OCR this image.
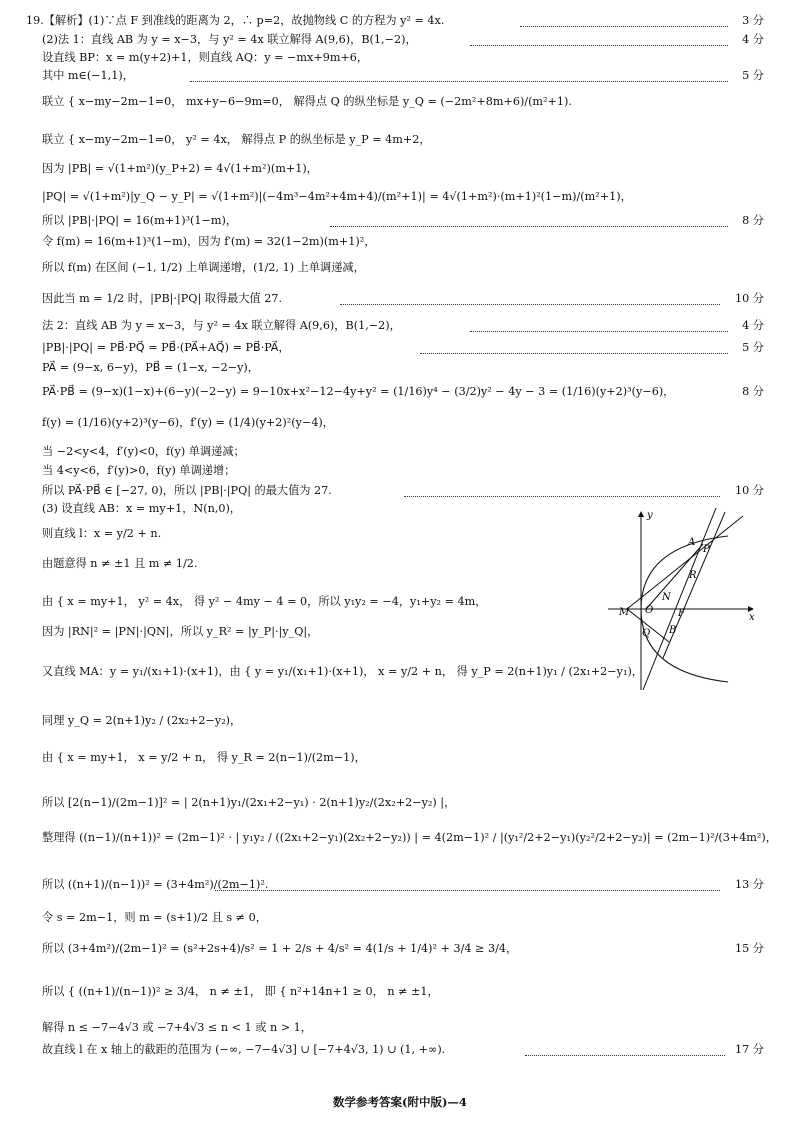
19.【解析】(1)∵点 F 到准线的距离为 2，∴ p=2，故抛物线 C 的方程为 y² = 4x.
(2)法 1：直线 AB 为 y = x−3，与 y² = 4x 联立解得 A(9,6)，B(1,−2)，
设直线 BP：x = m(y+2)+1，则直线 AQ：y = −mx+9m+6，
其中 m∈(−1,1)，
联立 { x−my−2m−1=0， mx+y−6−9m=0， 解得点 Q 的纵坐标是 y_Q = (−2m²+8m+6)/(m²+1).
联立 { x−my−2m−1=0， y² = 4x， 解得点 P 的纵坐标是 y_P = 4m+2，
因为 |PB| = √(1+m²)(y_P+2) = 4√(1+m²)(m+1)，
|PQ| = √(1+m²)|y_Q − y_P| = √(1+m²)|(−4m³−4m²+4m+4)/(m²+1)| = 4√(1+m²)·(m+1)²(1−m)/(m²+1)，
所以 |PB|·|PQ| = 16(m+1)³(1−m)，
令 f(m) = 16(m+1)³(1−m)，因为 f′(m) = 32(1−2m)(m+1)²，
所以 f(m) 在区间 (−1, 1/2) 上单调递增，(1/2, 1) 上单调递减，
因此当 m = 1/2 时，|PB|·|PQ| 取得最大值 27.
法 2：直线 AB 为 y = x−3，与 y² = 4x 联立解得 A(9,6)，B(1,−2)，
|PB|·|PQ| = PB⃗·PQ⃗ = PB⃗·(PA⃗+AQ⃗) = PB⃗·PA⃗，
PA⃗ = (9−x, 6−y)，PB⃗ = (1−x, −2−y)，
PA⃗·PB⃗ = (9−x)(1−x)+(6−y)(−2−y) = 9−10x+x²−12−4y+y² = (1/16)y⁴ − (3/2)y² − 4y − 3 = (1/16)(y+2)³(y−6)，
f(y) = (1/16)(y+2)³(y−6)，f′(y) = (1/4)(y+2)²(y−4)，
当 −2<y<4，f′(y)<0，f(y) 单调递减；
当 4<y<6，f′(y)>0，f(y) 单调递增；
所以 PA⃗·PB⃗ ∈ [−27, 0)，所以 |PB|·|PQ| 的最大值为 27.
(3) 设直线 AB：x = my+1，N(n,0)，
则直线 l：x = y/2 + n.
由题意得 n ≠ ±1 且 m ≠ 1/2.
由 { x = my+1， y² = 4x， 得 y² − 4my − 4 = 0，所以 y₁y₂ = −4，y₁+y₂ = 4m，
因为 |RN|² = |PN|·|QN|，所以 y_R² = |y_P|·|y_Q|，
又直线 MA：y = y₁/(x₁+1)·(x+1)，由 { y = y₁/(x₁+1)·(x+1)， x = y/2 + n， 得 y_P = 2(n+1)y₁ / (2x₁+2−y₁)，
同理 y_Q = 2(n+1)y₂ / (2x₂+2−y₂)，
由 { x = my+1， x = y/2 + n， 得 y_R = 2(n−1)/(2m−1)，
所以 [2(n−1)/(2m−1)]² = | 2(n+1)y₁/(2x₁+2−y₁) · 2(n+1)y₂/(2x₂+2−y₂) |，
整理得 ((n−1)/(n+1))² = (2m−1)² · | y₁y₂ / ((2x₁+2−y₁)(2x₂+2−y₂)) | = 4(2m−1)² / |(y₁²/2+2−y₁)(y₂²/2+2−y₂)| = (2m−1)²/(3+4m²)，
所以 ((n+1)/(n−1))² = (3+4m²)/(2m−1)².
令 s = 2m−1，则 m = (s+1)/2 且 s ≠ 0，
所以 (3+4m²)/(2m−1)² = (s²+2s+4)/s² = 1 + 2/s + 4/s² = 4(1/s + 1/4)² + 3/4 ≥ 3/4，
所以 { ((n+1)/(n−1))² ≥ 3/4， n ≠ ±1， 即 { n²+14n+1 ≥ 0， n ≠ ±1，
解得 n ≤ −7−4√3 或 −7+4√3 ≤ n < 1 或 n > 1，
故直线 l 在 x 轴上的截距的范围为 (−∞, −7−4√3] ∪ [−7+4√3, 1) ∪ (1, +∞).
3 分
4 分
5 分
8 分
10 分
4 分
5 分
8 分
10 分
13 分
15 分
17 分
y
x
M O
N
F
A
P
R
Q B
数学参考答案(附中版)—4
